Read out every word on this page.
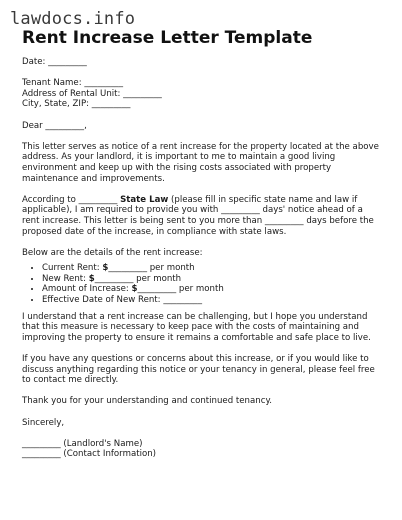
lawdocs.info
Rent Increase Letter Template

Date: _________

Tenant Name: _________

Address of Rental Unit: _________

City, State, ZIP: _________

Dear _________,

This letter serves as notice of a rent increase for the property located at the above address. As your landlord, it is important to me to maintain a good living environment and keep up with the rising costs associated with property maintenance and improvements.

According to _________ State Law (please fill in specific state name and law if applicable), I am required to provide you with _________ days' notice ahead of a rent increase. This letter is being sent to you more than _________ days before the proposed date of the increase, in compliance with state laws.

Below are the details of the rent increase:

• Current Rent: $_________ per month
• New Rent: $_________ per month
• Amount of Increase: $_________ per month
• Effective Date of New Rent: _________

I understand that a rent increase can be challenging, but I hope you understand that this measure is necessary to keep pace with the costs of maintaining and improving the property to ensure it remains a comfortable and safe place to live.

If you have any questions or concerns about this increase, or if you would like to discuss anything regarding this notice or your tenancy in general, please feel free to contact me directly.

Thank you for your understanding and continued tenancy.

Sincerely,

_________ (Landlord's Name)

_________ (Contact Information)
